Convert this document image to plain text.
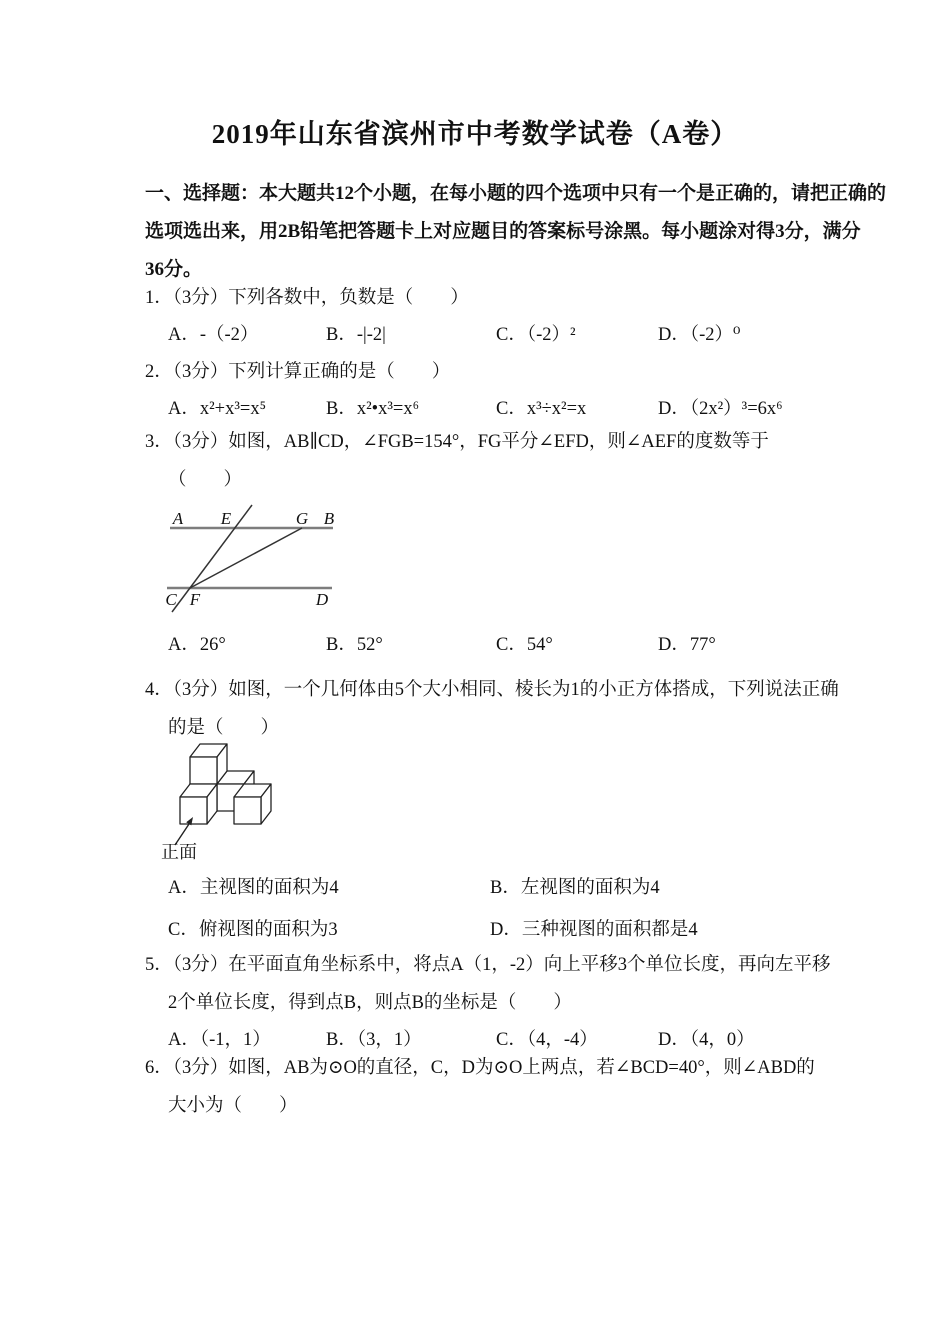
2019年山东省滨州市中考数学试卷（A卷）
一、选择题：本大题共12个小题，在每小题的四个选项中只有一个是正确的，请把正确的
选项选出来，用2B铅笔把答题卡上对应题目的答案标号涂黑。每小题涂对得3分，满分
36分。
1．（3分）下列各数中，负数是（　　）
A．-（-2）	B．-|-2|	C．（-2）²	D．（-2）⁰
2．（3分）下列计算正确的是（　　）
A．x²+x³=x⁵	B．x²•x³=x⁶	C．x³÷x²=x	D．（2x²）³=6x⁶
3．（3分）如图，AB∥CD，∠FGB=154°，FG平分∠EFD，则∠AEF的度数等于
（　　）
A E	G B
C F	D
A．26°	B．52°	C．54°	D．77°
4．（3分）如图，一个几何体由5个大小相同、棱长为1的小正方体搭成，下列说法正确
的是（　　）
正面
A．主视图的面积为4	B．左视图的面积为4
C．俯视图的面积为3	D．三种视图的面积都是4
5．（3分）在平面直角坐标系中，将点A（1，-2）向上平移3个单位长度，再向左平移
2个单位长度，得到点B，则点B的坐标是（　　）
A．（-1，1）	B．（3，1）	C．（4，-4）	D．（4，0）
6．（3分）如图，AB为⊙O的直径，C，D为⊙O上两点，若∠BCD=40°，则∠ABD的
大小为（　　）
